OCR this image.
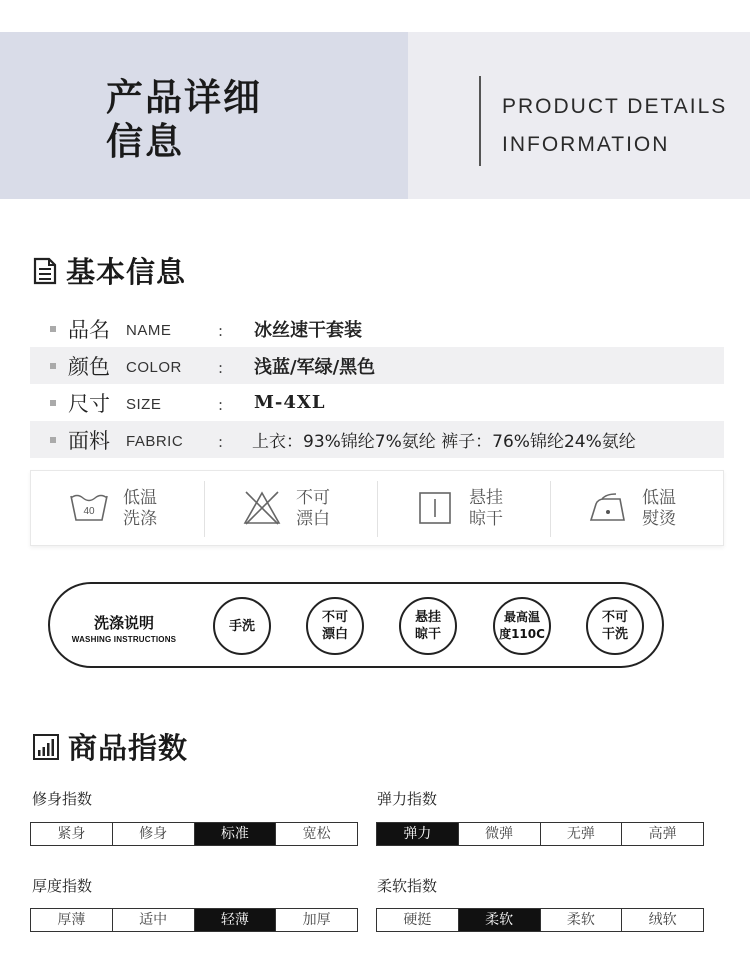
产品详细
信息
PRODUCT DETAILS
INFORMATION
基本信息
品名 NAME	: 冰丝速干套装
颜色 COLOR : 浅蓝/军绿/黑色
尺寸 SIZE	: M-4XL
面料 FABRIC : 上衣：93%锦纶7%氨纶 裤子：76%锦纶24%氨纶
40
低温
洗涤
不可
漂白
悬挂
晾干
低温
熨烫
洗涤说明
WASHING INSTRUCTIONS
手洗
不可
漂白
悬挂
晾干
最高温
度110C
不可
干洗
商品指数
修身指数
紧身	修身	标准	宽松
弹力指数
弹力	微弹	无弹	高弹
厚度指数
厚薄	适中	轻薄	加厚
柔软指数
硬挺	柔软	柔软	绒软
